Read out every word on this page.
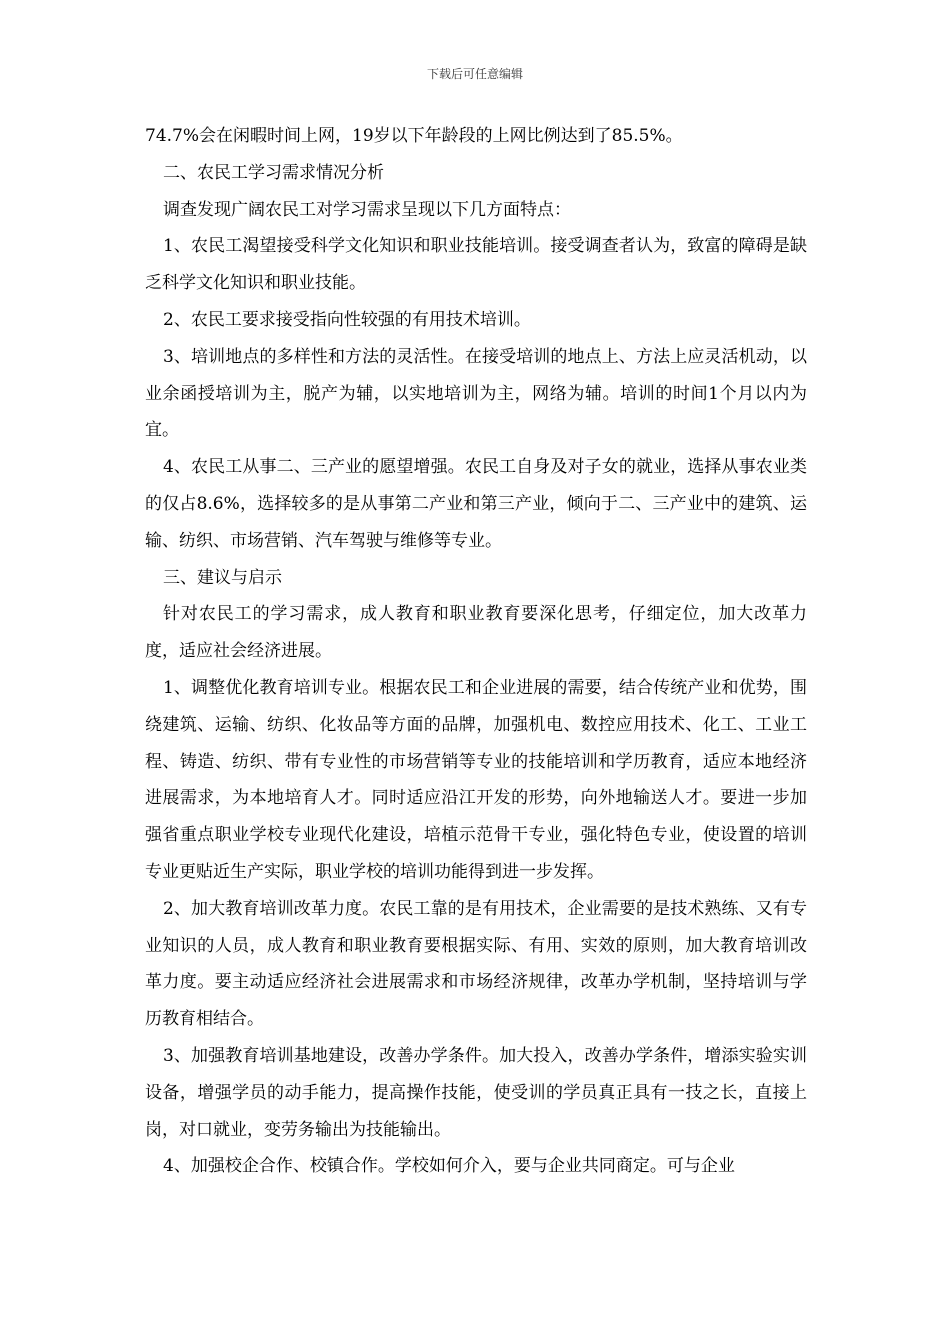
下载后可任意编辑

74.7%会在闲暇时间上网，19岁以下年龄段的上网比例达到了85.5%。

二、农民工学习需求情况分析

调查发现广阔农民工对学习需求呈现以下几方面特点：

1、农民工渴望接受科学文化知识和职业技能培训。接受调查者认为，致富的障碍是缺乏科学文化知识和职业技能。

2、农民工要求接受指向性较强的有用技术培训。

3、培训地点的多样性和方法的灵活性。在接受培训的地点上、方法上应灵活机动，以业余函授培训为主，脱产为辅，以实地培训为主，网络为辅。培训的时间1个月以内为宜。

4、农民工从事二、三产业的愿望增强。农民工自身及对子女的就业，选择从事农业类的仅占8.6%，选择较多的是从事第二产业和第三产业，倾向于二、三产业中的建筑、运输、纺织、市场营销、汽车驾驶与维修等专业。

三、建议与启示

针对农民工的学习需求，成人教育和职业教育要深化思考，仔细定位，加大改革力度，适应社会经济进展。

1、调整优化教育培训专业。根据农民工和企业进展的需要，结合传统产业和优势，围绕建筑、运输、纺织、化妆品等方面的品牌，加强机电、数控应用技术、化工、工业工程、铸造、纺织、带有专业性的市场营销等专业的技能培训和学历教育，适应本地经济进展需求，为本地培育人才。同时适应沿江开发的形势，向外地输送人才。要进一步加强省重点职业学校专业现代化建设，培植示范骨干专业，强化特色专业，使设置的培训专业更贴近生产实际，职业学校的培训功能得到进一步发挥。

2、加大教育培训改革力度。农民工靠的是有用技术，企业需要的是技术熟练、又有专业知识的人员，成人教育和职业教育要根据实际、有用、实效的原则，加大教育培训改革力度。要主动适应经济社会进展需求和市场经济规律，改革办学机制，坚持培训与学历教育相结合。

3、加强教育培训基地建设，改善办学条件。加大投入，改善办学条件，增添实验实训设备，增强学员的动手能力，提高操作技能，使受训的学员真正具有一技之长，直接上岗，对口就业，变劳务输出为技能输出。

4、加强校企合作、校镇合作。学校如何介入，要与企业共同商定。可与企业
